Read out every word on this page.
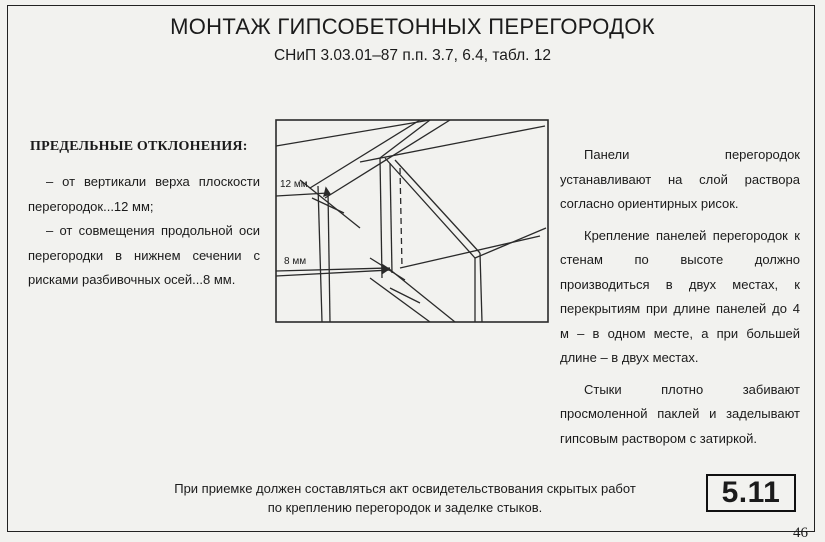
МОНТАЖ ГИПСОБЕТОННЫХ ПЕРЕГОРОДОК
СНиП 3.03.01–87 п.п. 3.7, 6.4, табл. 12
ПРЕДЕЛЬНЫЕ ОТКЛОНЕНИЯ:

– от вертикали верха плоскости перегородок...12 мм;

– от совмещения продольной оси перегородки в нижнем сечении с рисками разбивочных осей...8 мм.

12 мм
8 мм

Панели перегородок устанавливают на слой раствора согласно ориентирных рисок.

Крепление панелей перегородок к стенам по высоте должно производиться в двух местах, к перекрытиям при длине панелей до 4 м – в одном месте, а при большей длине – в двух местах.

Стыки плотно забивают просмоленной паклей и заделывают гипсовым раствором с затиркой.

При приемке должен составляться акт освидетельствования скрытых работ по креплению перегородок и заделке стыков.	5.11
46
